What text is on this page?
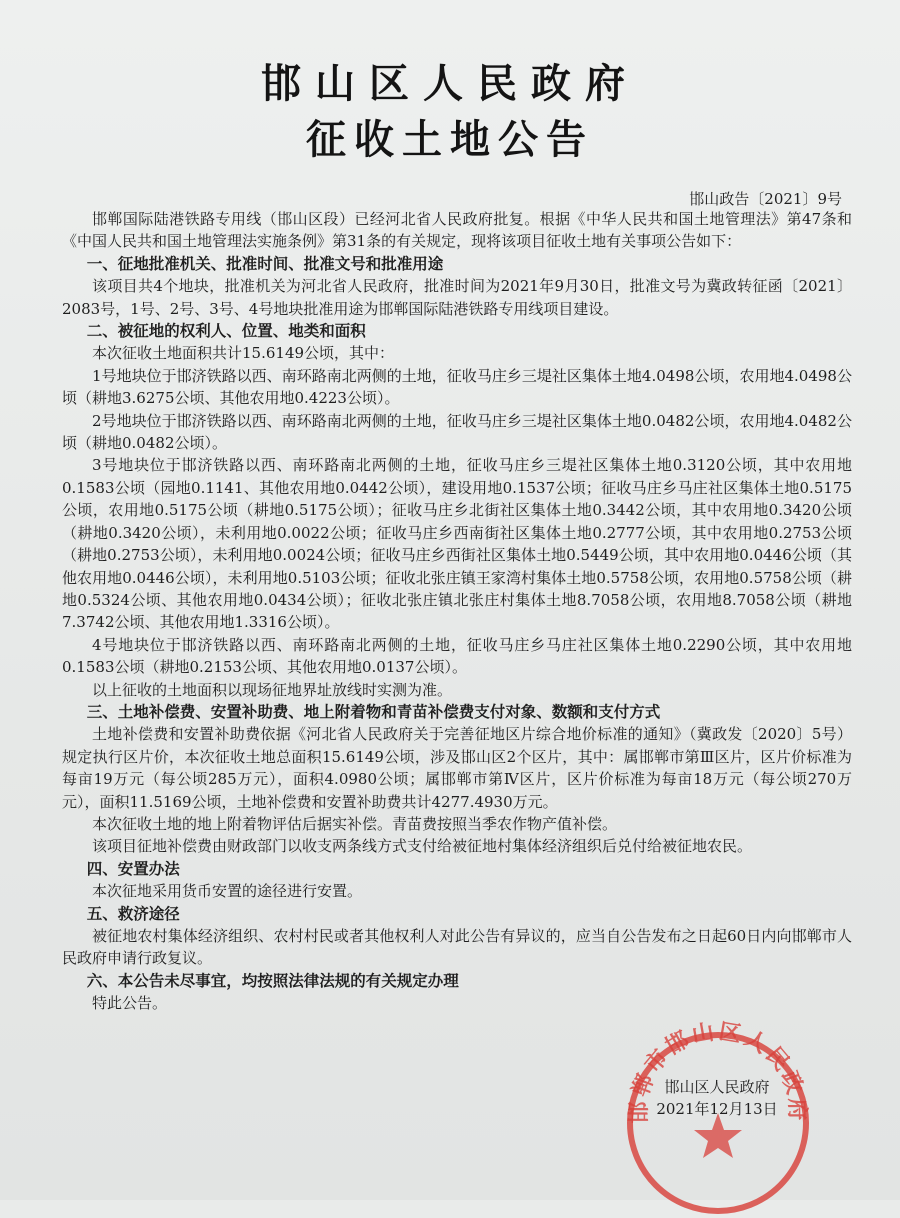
邯山区人民政府
征收土地公告
邯山政告〔2021〕9号

邯郸国际陆港铁路专用线（邯山区段）已经河北省人民政府批复。根据《中华人民共和国土地管理法》第47条和《中国人民共和国土地管理法实施条例》第31条的有关规定，现将该项目征收土地有关事项公告如下：

一、征地批准机关、批准时间、批准文号和批准用途

该项目共4个地块，批准机关为河北省人民政府，批准时间为2021年9月30日，批准文号为冀政转征函〔2021〕2083号，1号、2号、3号、4号地块批准用途为邯郸国际陆港铁路专用线项目建设。

二、被征地的权利人、位置、地类和面积

本次征收土地面积共计15.6149公顷，其中：

1号地块位于邯济铁路以西、南环路南北两侧的土地，征收马庄乡三堤社区集体土地4.0498公顷，农用地4.0498公顷（耕地3.6275公顷、其他农用地0.4223公顷）。

2号地块位于邯济铁路以西、南环路南北两侧的土地，征收马庄乡三堤社区集体土地0.0482公顷，农用地4.0482公顷（耕地0.0482公顷）。

3号地块位于邯济铁路以西、南环路南北两侧的土地，征收马庄乡三堤社区集体土地0.3120公顷，其中农用地0.1583公顷（园地0.1141、其他农用地0.0442公顷），建设用地0.1537公顷；征收马庄乡马庄社区集体土地0.5175公顷，农用地0.5175公顷（耕地0.5175公顷）；征收马庄乡北街社区集体土地0.3442公顷，其中农用地0.3420公顷（耕地0.3420公顷），未利用地0.0022公顷；征收马庄乡西南街社区集体土地0.2777公顷，其中农用地0.2753公顷（耕地0.2753公顷），未利用地0.0024公顷；征收马庄乡西街社区集体土地0.5449公顷，其中农用地0.0446公顷（其他农用地0.0446公顷），未利用地0.5103公顷；征收北张庄镇王家湾村集体土地0.5758公顷，农用地0.5758公顷（耕地0.5324公顷、其他农用地0.0434公顷）；征收北张庄镇北张庄村集体土地8.7058公顷，农用地8.7058公顷（耕地7.3742公顷、其他农用地1.3316公顷）。

4号地块位于邯济铁路以西、南环路南北两侧的土地，征收马庄乡马庄社区集体土地0.2290公顷，其中农用地0.1583公顷（耕地0.2153公顷、其他农用地0.0137公顷）。

以上征收的土地面积以现场征地界址放线时实测为准。

三、土地补偿费、安置补助费、地上附着物和青苗补偿费支付对象、数额和支付方式

土地补偿费和安置补助费依据《河北省人民政府关于完善征地区片综合地价标准的通知》（冀政发〔2020〕5号）规定执行区片价，本次征收土地总面积15.6149公顷，涉及邯山区2个区片，其中：属邯郸市第Ⅲ区片，区片价标准为每亩19万元（每公顷285万元），面积4.0980公顷；属邯郸市第Ⅳ区片，区片价标准为每亩18万元（每公顷270万元），面积11.5169公顷，土地补偿费和安置补助费共计4277.4930万元。

本次征收土地的地上附着物评估后据实补偿。青苗费按照当季农作物产值补偿。

该项目征地补偿费由财政部门以收支两条线方式支付给被征地村集体经济组织后兑付给被征地农民。

四、安置办法

本次征地采用货币安置的途径进行安置。

五、救济途径

被征地农村集体经济组织、农村村民或者其他权利人对此公告有异议的，应当自公告发布之日起60日内向邯郸市人民政府申请行政复议。

六、本公告未尽事宜，均按照法律法规的有关规定办理

特此公告。

邯郸市邯山区人民政府
邯山区人民政府
2021年12月13日
